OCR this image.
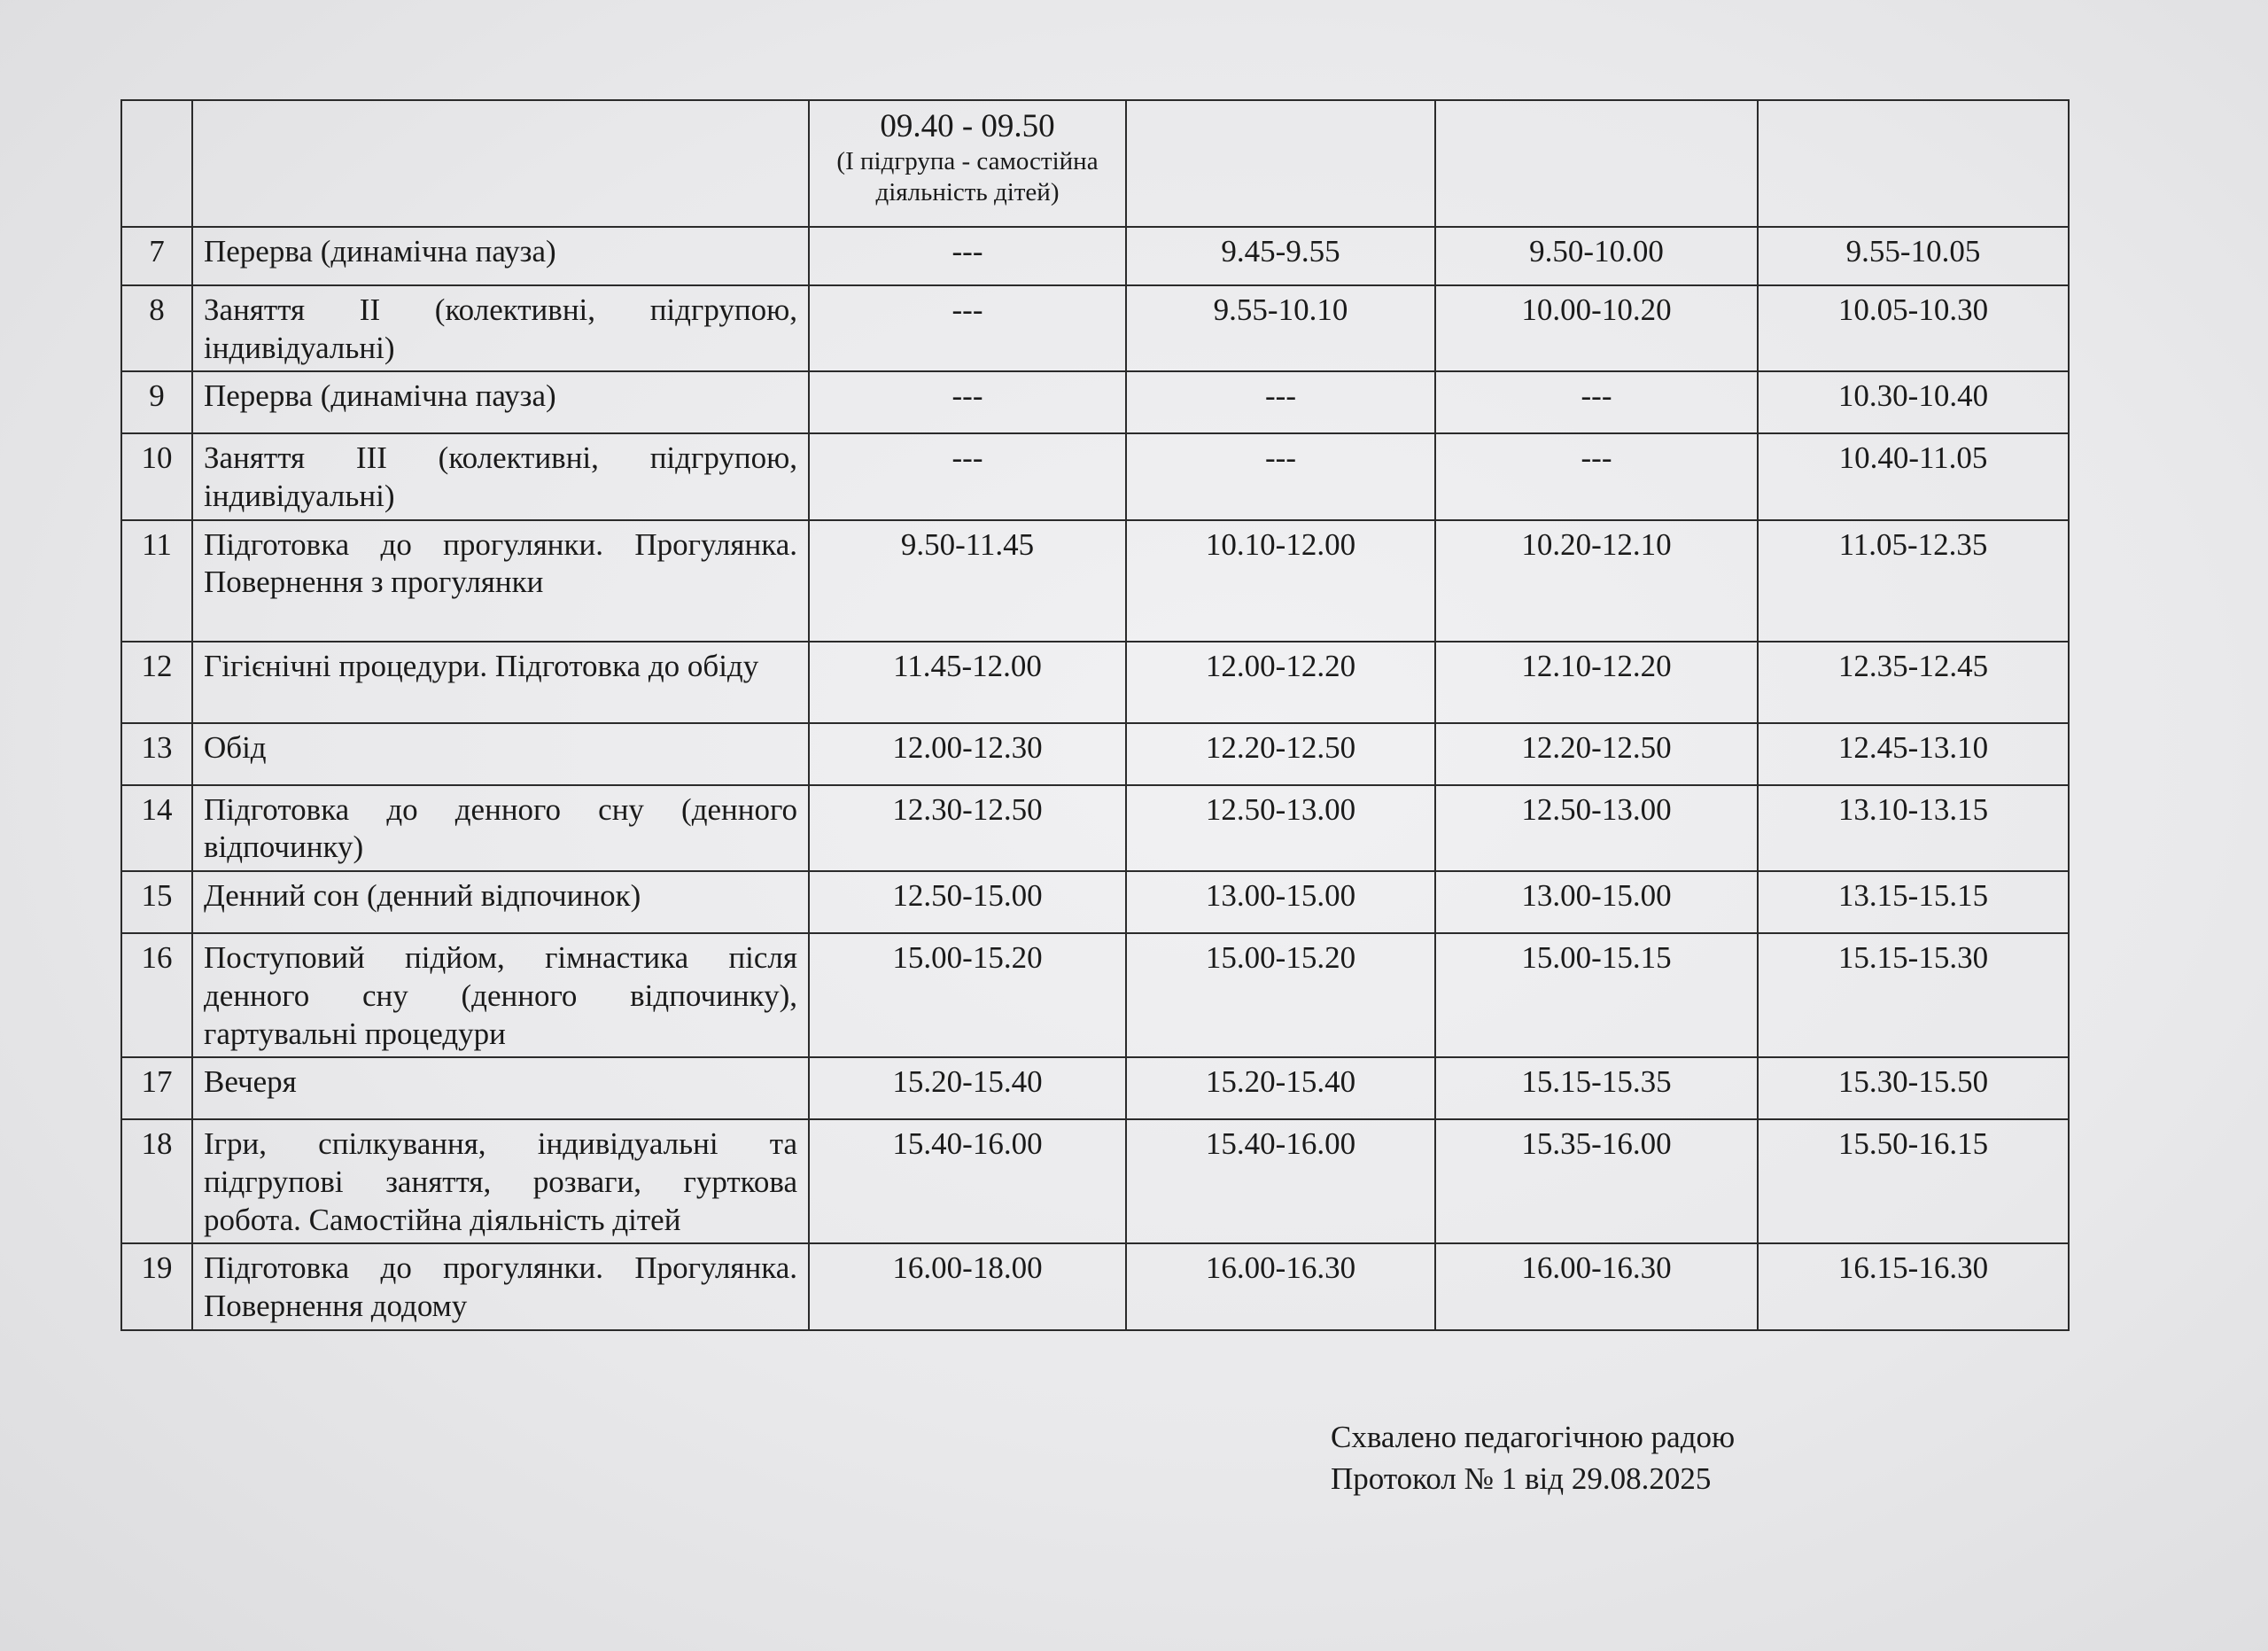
		09.40 - 09.50
(І підгрупа - самостійна діяльність дітей)			

7	Перерва (динамічна пауза)	---	9.45-9.55	9.50-10.00	9.55-10.05
8	Заняття ІІ (колективні, підгрупою, індивідуальні)	---	9.55-10.10	10.00-10.20	10.05-10.30
9	Перерва (динамічна пауза)	---	---	---	10.30-10.40
10	Заняття ІІІ (колективні, підгрупою, індивідуальні)	---	---	---	10.40-11.05
11	Підготовка до прогулянки. Прогулянка. Повернення з прогулянки	9.50-11.45	10.10-12.00	10.20-12.10	11.05-12.35
12	Гігієнічні процедури. Підготовка до обіду	11.45-12.00	12.00-12.20	12.10-12.20	12.35-12.45
13	Обід	12.00-12.30	12.20-12.50	12.20-12.50	12.45-13.10
14	Підготовка до денного сну (денного відпочинку)	12.30-12.50	12.50-13.00	12.50-13.00	13.10-13.15
15	Денний сон (денний відпочинок)	12.50-15.00	13.00-15.00	13.00-15.00	13.15-15.15
16	Поступовий підйом, гімнастика після денного сну (денного відпочинку), гартувальні процедури	15.00-15.20	15.00-15.20	15.00-15.15	15.15-15.30
17	Вечеря	15.20-15.40	15.20-15.40	15.15-15.35	15.30-15.50
18	Ігри, спілкування, індивідуальні та підгрупові заняття, розваги, гурткова робота. Самостійна діяльність дітей	15.40-16.00	15.40-16.00	15.35-16.00	15.50-16.15
19	Підготовка до прогулянки. Прогулянка. Повернення додому	16.00-18.00	16.00-16.30	16.00-16.30	16.15-16.30
Схвалено педагогічною радою
Протокол № 1 від 29.08.2025
